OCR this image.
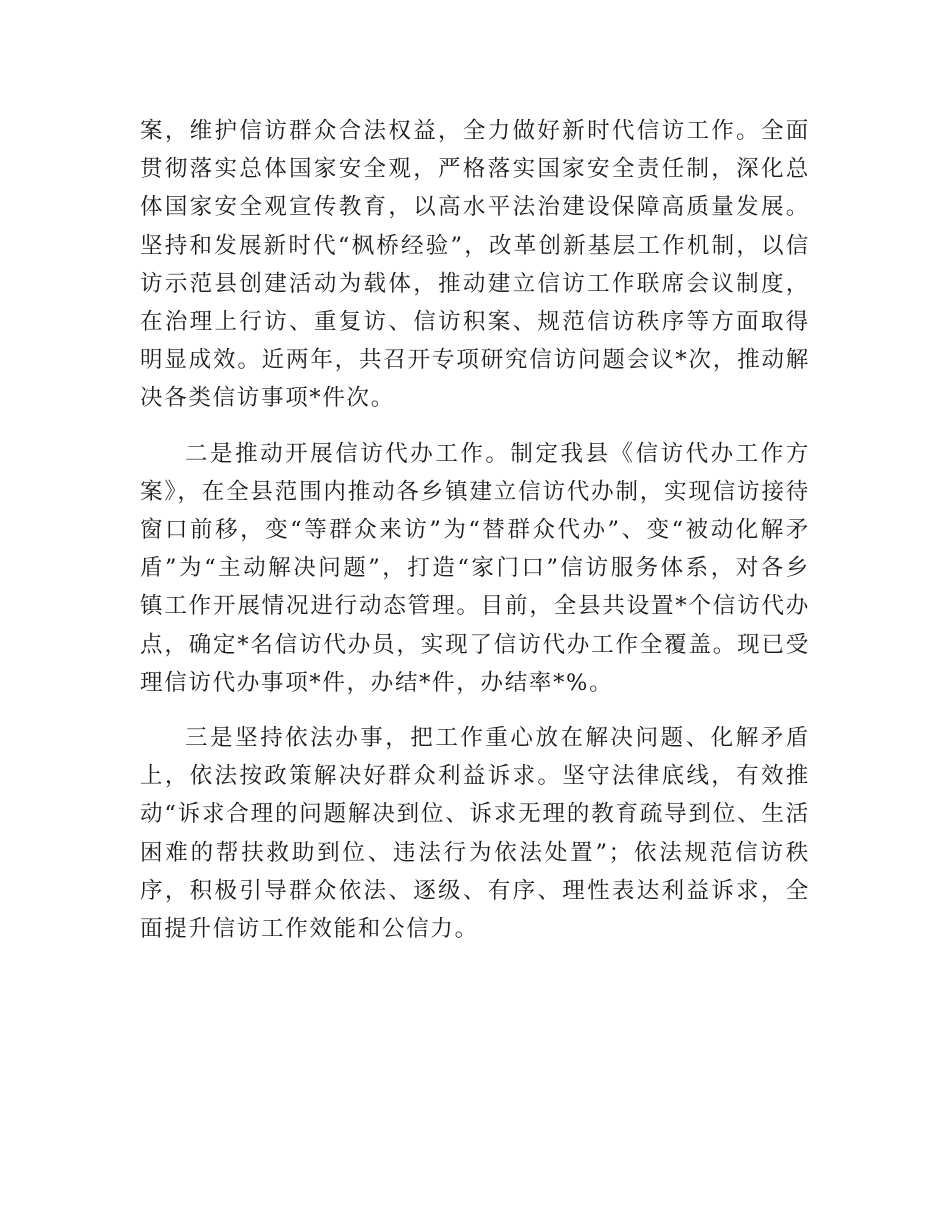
案，维护信访群众合法权益，全力做好新时代信访工作。全面贯彻落实总体国家安全观，严格落实国家安全责任制，深化总体国家安全观宣传教育，以高水平法治建设保障高质量发展。坚持和发展新时代“枫桥经验”，改革创新基层工作机制，以信访示范县创建活动为载体，推动建立信访工作联席会议制度，在治理上行访、重复访、信访积案、规范信访秩序等方面取得明显成效。近两年，共召开专项研究信访问题会议*次，推动解决各类信访事项*件次。

二是推动开展信访代办工作。制定我县《信访代办工作方案》，在全县范围内推动各乡镇建立信访代办制，实现信访接待窗口前移，变“等群众来访”为“替群众代办”、变“被动化解矛盾”为“主动解决问题”，打造“家门口”信访服务体系，对各乡镇工作开展情况进行动态管理。目前，全县共设置*个信访代办点，确定*名信访代办员，实现了信访代办工作全覆盖。现已受理信访代办事项*件，办结*件，办结率*%。

三是坚持依法办事，把工作重心放在解决问题、化解矛盾上，依法按政策解决好群众利益诉求。坚守法律底线，有效推动“诉求合理的问题解决到位、诉求无理的教育疏导到位、生活困难的帮扶救助到位、违法行为依法处置”；依法规范信访秩序，积极引导群众依法、逐级、有序、理性表达利益诉求，全面提升信访工作效能和公信力。
